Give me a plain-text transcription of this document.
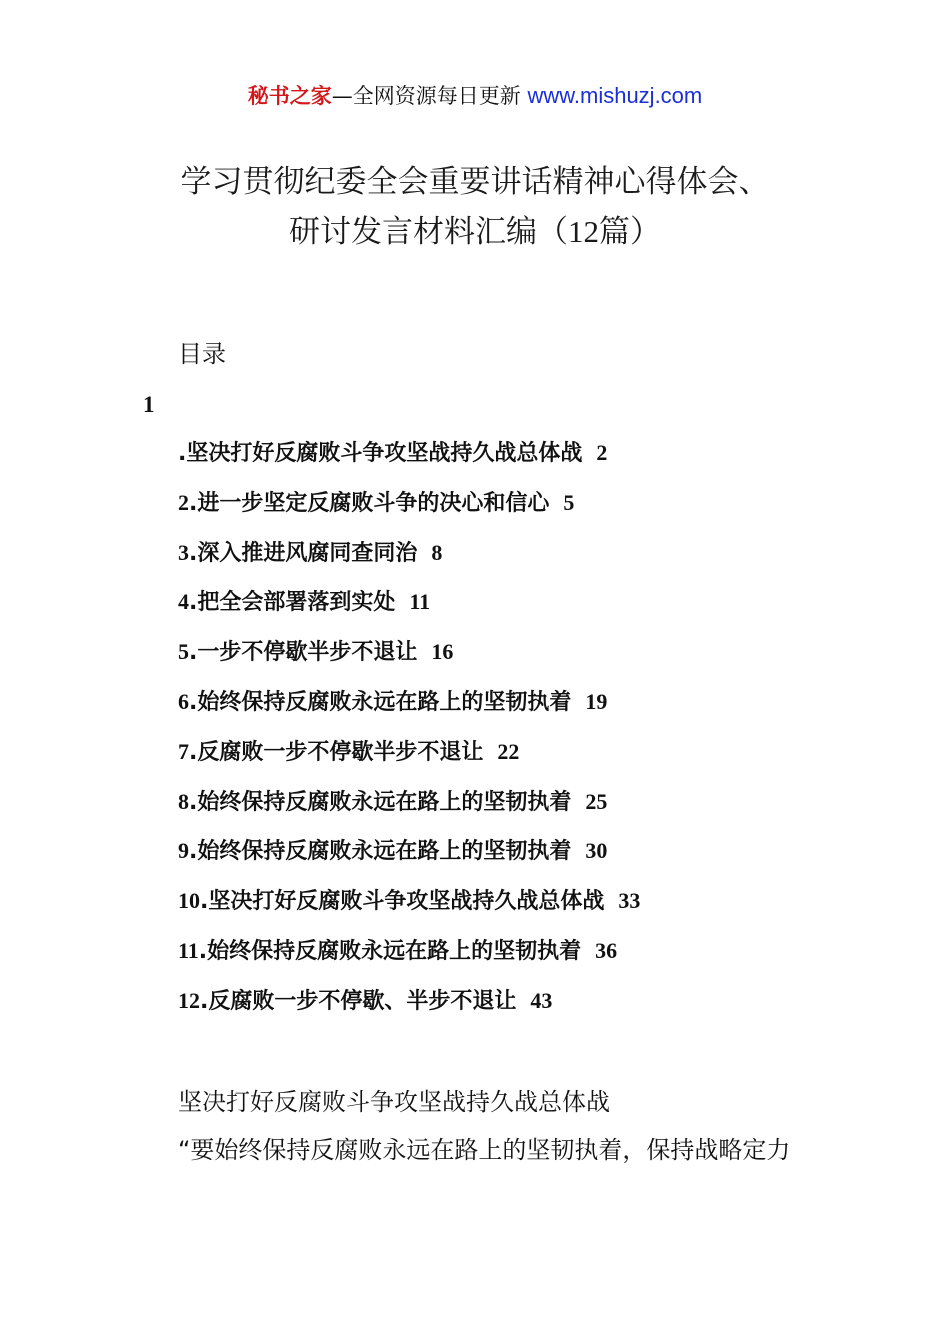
秘书之家—全网资源每日更新 www.mishuzj.com
学习贯彻纪委全会重要讲话精神心得体会、
研讨发言材料汇编（12篇）
目录
1
.坚决打好反腐败斗争攻坚战持久战总体战 2
2.进一步坚定反腐败斗争的决心和信心 5
3.深入推进风腐同查同治 8
4.把全会部署落到实处 11
5.一步不停歇半步不退让 16
6.始终保持反腐败永远在路上的坚韧执着 19
7.反腐败一步不停歇半步不退让 22
8.始终保持反腐败永远在路上的坚韧执着 25
9.始终保持反腐败永远在路上的坚韧执着 30
10.坚决打好反腐败斗争攻坚战持久战总体战 33
11.始终保持反腐败永远在路上的坚韧执着 36
12.反腐败一步不停歇、半步不退让 43
坚决打好反腐败斗争攻坚战持久战总体战
“要始终保持反腐败永远在路上的坚韧执着，保持战略定力
